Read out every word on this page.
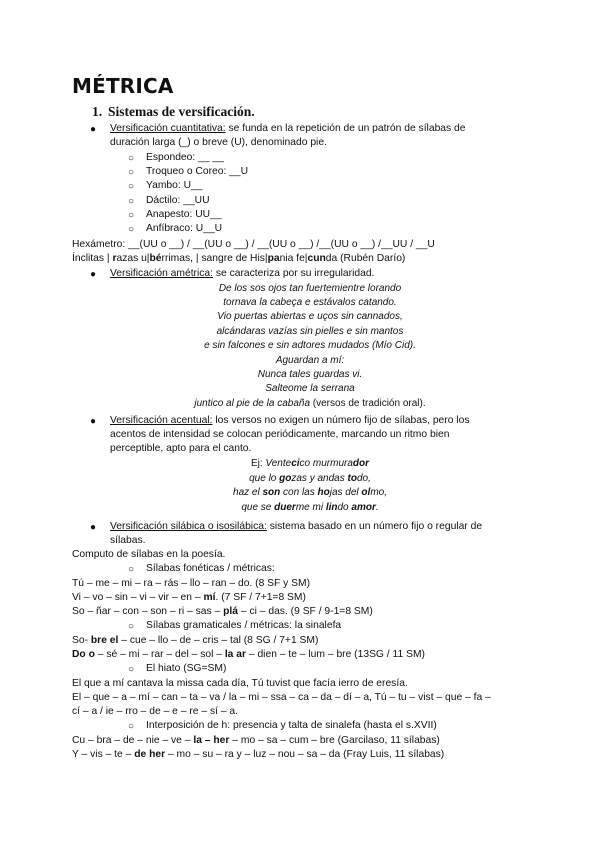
MÉTRICA
1. Sistemas de versificación.
● Versificación cuantitativa: se funda en la repetición de un patrón de sílabas de
duración larga (_) o breve (U), denominado pie.
○ Espondeo: __ __
○ Troqueo o Coreo: __U
○ Yambo: U__
○ Dáctilo: __UU
○ Anapesto: UU__
○ Anfíbraco: U__U
Hexámetro: __(UU o __) / __(UU o __) / __(UU o __) /__(UU o __) /__UU / __U
Ínclitas | razas u|bérrimas, | sangre de His|pania fe|cunda (Rubén Darío)
● Versificación amétrica: se caracteriza por su irregularidad.
De los sos ojos tan fuertemientre lorando
tornava la cabeça e estávalos catando.
Vio puertas abiertas e uços sin cannados,
alcándaras vazías sin pielles e sin mantos
e sin falcones e sin adtores mudados (Mío Cid).
Aguardan a mí:
Nunca tales guardas vi.
Salteome la serrana
juntico al pie de la cabaña (versos de tradición oral).
● Versificación acentual: los versos no exigen un número fijo de sílabas, pero los
acentos de intensidad se colocan periódicamente, marcando un ritmo bien
perceptible, apto para el canto.
Ej: Ventecico murmurador
que lo gozas y andas todo,
haz el son con las hojas del olmo,
que se duerme mi lindo amor.
● Versificación silábica o isosilábica: sistema basado en un número fijo o regular de
sílabas.
Computo de sílabas en la poesía.
○ Sílabas fonéticas / métricas:
Tú – me – mi – ra – rás – llo – ran – do. (8 SF y SM)
Vi – vo – sin – vi – vir – en – mí. (7 SF / 7+1=8 SM)
So – ñar – con – son – ri – sas – plá – ci – das. (9 SF / 9-1=8 SM)
○ Sílabas gramaticales / métricas: la sinalefa
So- bre el – cue – llo – de – cris – tal (8 SG / 7+1 SM)
Do o – sé – mi – rar – del – sol – la ar – dien – te – lum – bre (13SG / 11 SM)
○ El hiato (SG=SM)
El que a mí cantava la missa cada día, Tú tuvist que facía ierro de eresía.
El – que – a – mí – can – ta – va / la – mi – ssa – ca – da – dí – a, Tú – tu – vist – que – fa –
cí – a / ie – rro – de – e – re – sí – a.
○ Interposición de h: presencia y talta de sinalefa (hasta el s.XVII)
Cu – bra – de – nie – ve – la – her – mo – sa – cum – bre (Garcilaso, 11 sílabas)
Y – vis – te – de her – mo – su – ra y – luz – nou – sa – da (Fray Luis, 11 sílabas)
